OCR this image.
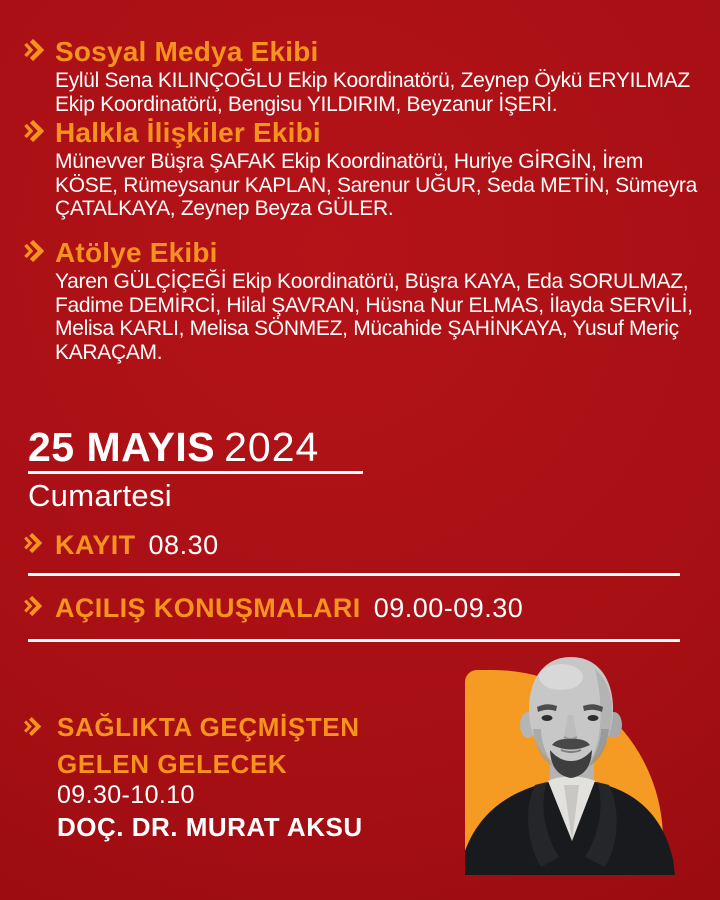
Sosyal Medya Ekibi

Eylül Sena KILINÇOĞLU Ekip Koordinatörü, Zeynep Öykü ERYILMAZ Ekip Koordinatörü, Bengisu YILDIRIM, Beyzanur İŞERİ.

Halkla İlişkiler Ekibi

Münevver Büşra ŞAFAK Ekip Koordinatörü, Huriye GİRGİN, İrem KÖSE, Rümeysanur KAPLAN, Sarenur UĞUR, Seda METİN, Sümeyra ÇATALKAYA, Zeynep Beyza GÜLER.

Atölye Ekibi

Yaren GÜLÇİÇEĞİ Ekip Koordinatörü, Büşra KAYA, Eda SORULMAZ, Fadime DEMİRCİ, Hilal ŞAVRAN, Hüsna Nur ELMAS, İlayda SERVİLİ, Melisa KARLI, Melisa SÖNMEZ, Mücahide ŞAHİNKAYA, Yusuf Meriç KARAÇAM.

25 MAYIS 2024
Cumartesi
KAYIT 08.30
AÇILIŞ KONUŞMALARI 09.00-09.30
SAĞLIKTA GEÇMİŞTEN
GELEN GELECEK
09.30-10.10
DOÇ. DR. MURAT AKSU
